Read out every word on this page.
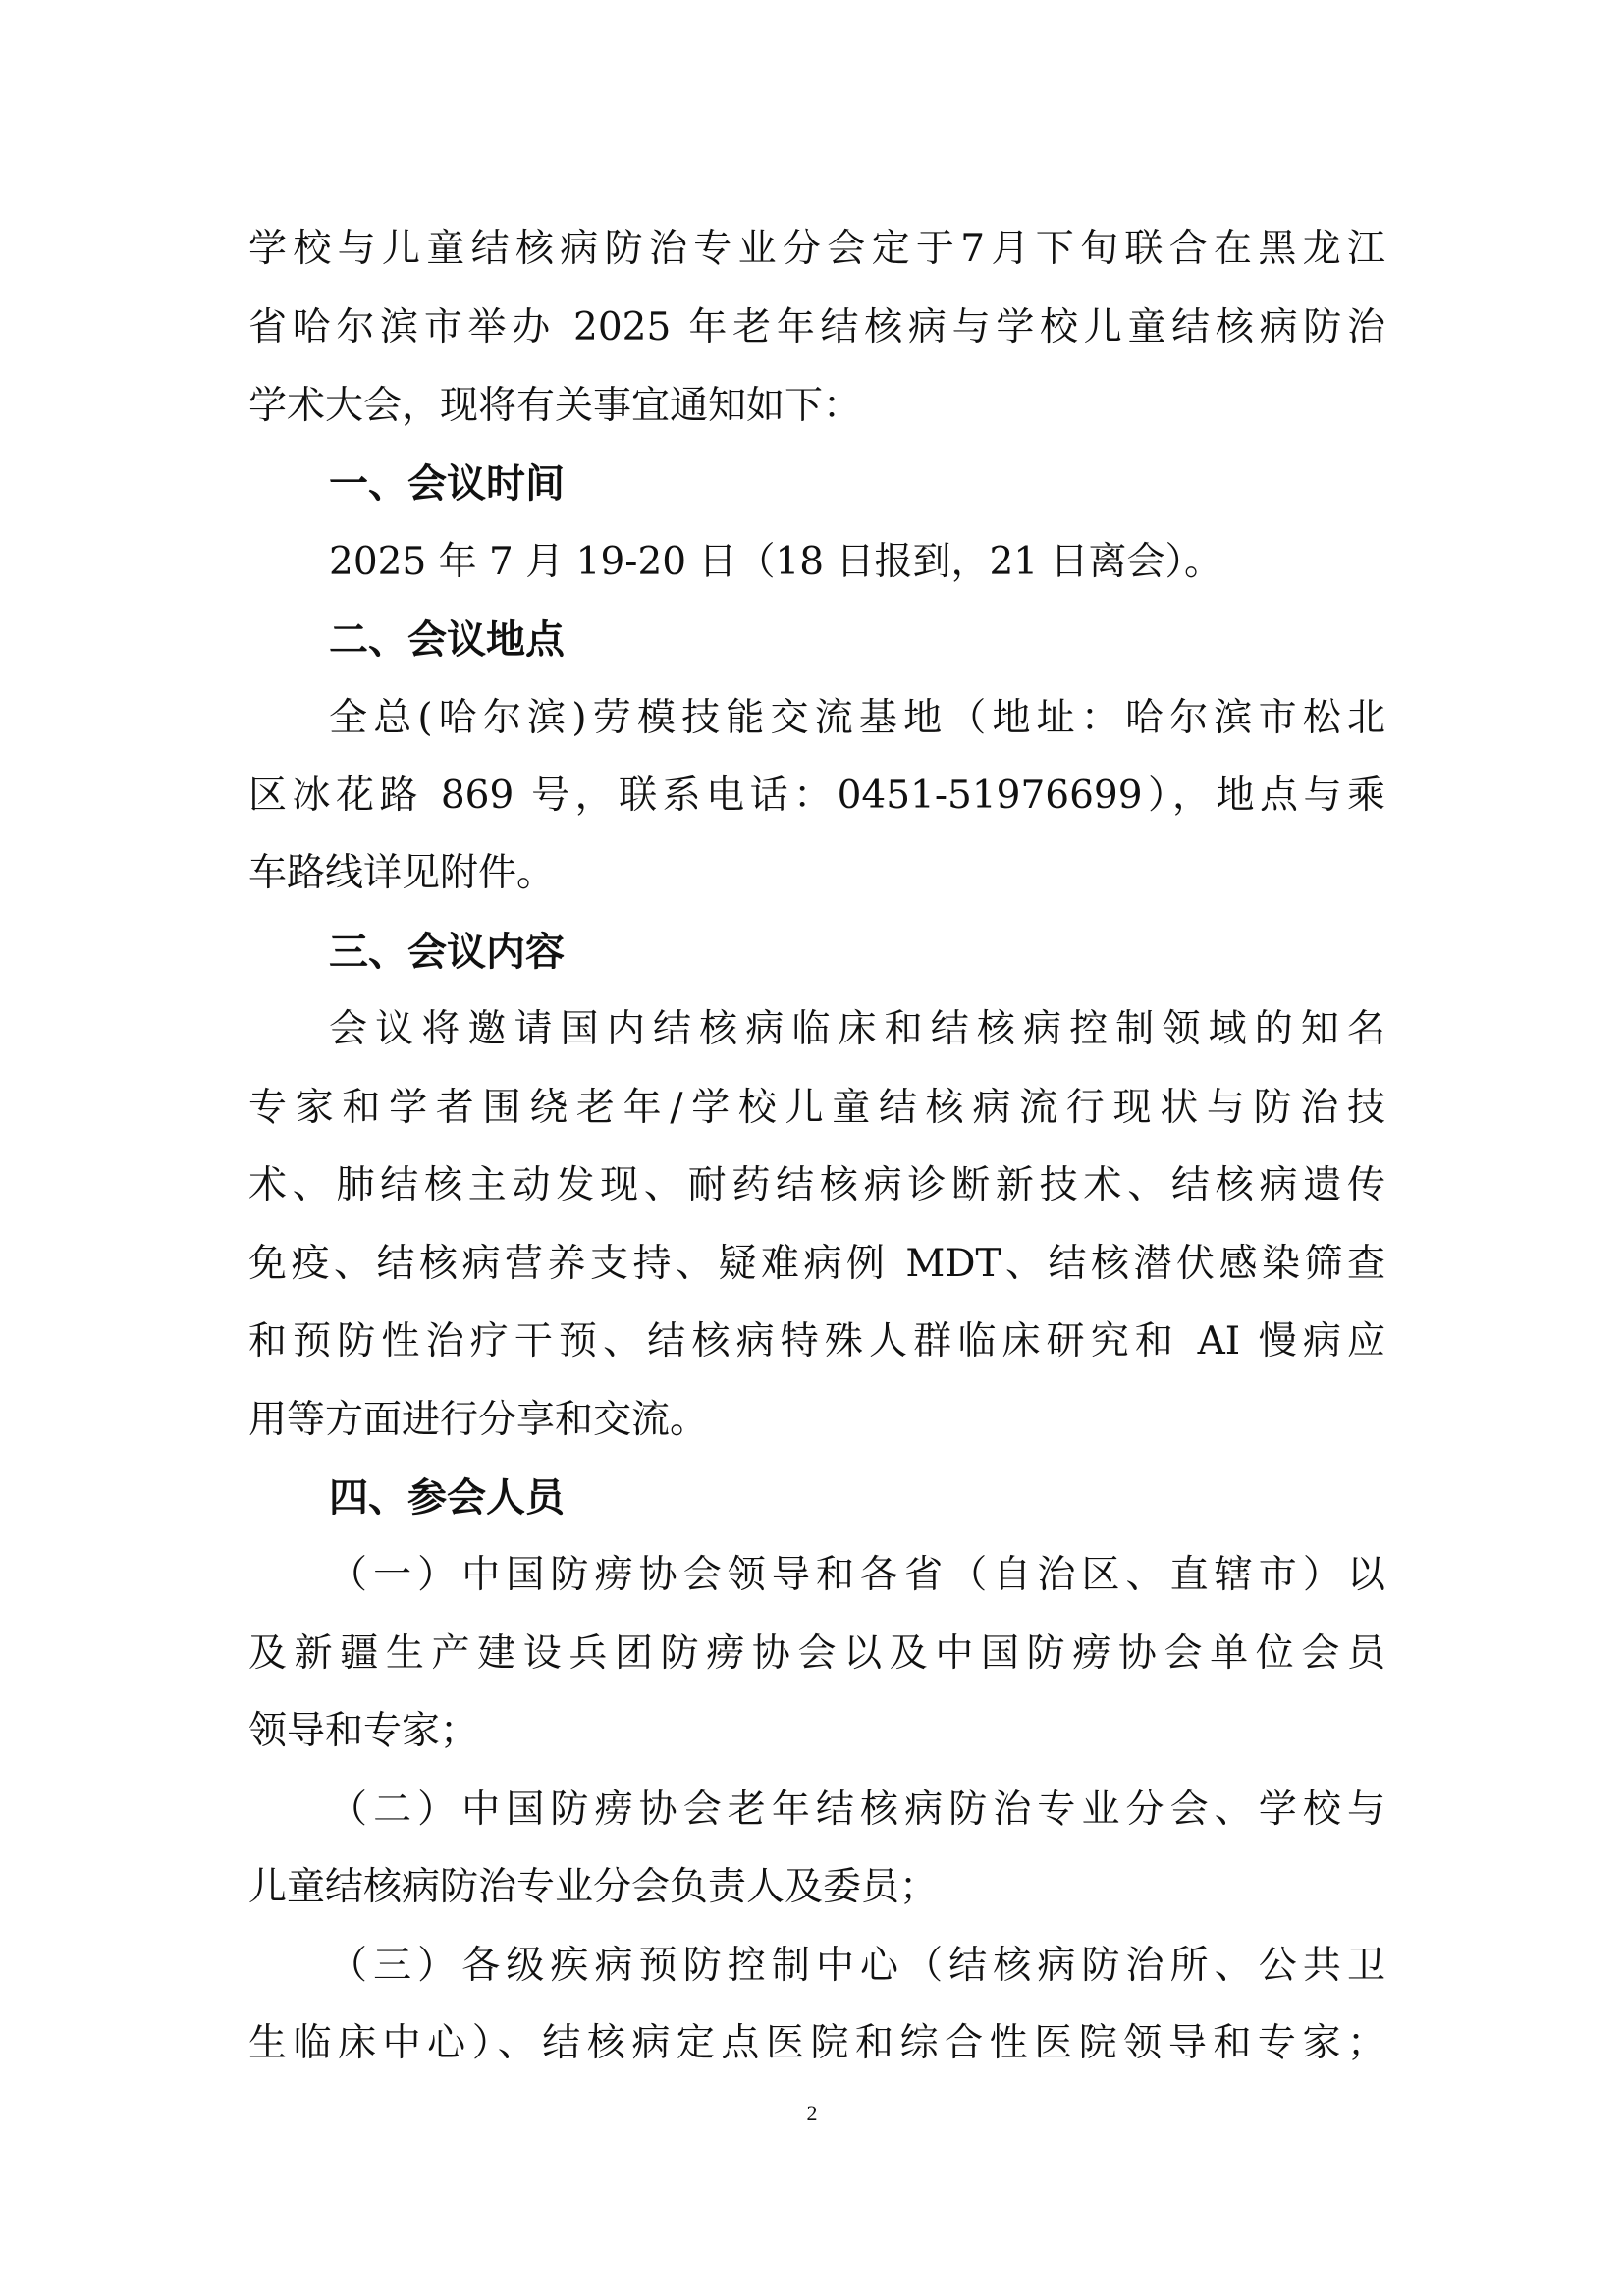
学校与儿童结核病防治专业分会定于7月下旬联合在黑龙江
省哈尔滨市举办 2025 年老年结核病与学校儿童结核病防治
学术大会，现将有关事宜通知如下：
一、会议时间
2025 年 7 月 19-20 日（18 日报到，21 日离会）。
二、会议地点
全总(哈尔滨)劳模技能交流基地（地址：哈尔滨市松北
区冰花路 869 号，联系电话：0451-51976699），地点与乘
车路线详见附件。
三、会议内容
会议将邀请国内结核病临床和结核病控制领域的知名
专家和学者围绕老年/学校儿童结核病流行现状与防治技
术、肺结核主动发现、耐药结核病诊断新技术、结核病遗传
免疫、结核病营养支持、疑难病例 MDT、结核潜伏感染筛查
和预防性治疗干预、结核病特殊人群临床研究和 AI 慢病应
用等方面进行分享和交流。
四、参会人员
（一）中国防痨协会领导和各省（自治区、直辖市）以
及新疆生产建设兵团防痨协会以及中国防痨协会单位会员
领导和专家；
（二）中国防痨协会老年结核病防治专业分会、学校与
儿童结核病防治专业分会负责人及委员；
（三）各级疾病预防控制中心（结核病防治所、公共卫
生临床中心）、结核病定点医院和综合性医院领导和专家；
2
